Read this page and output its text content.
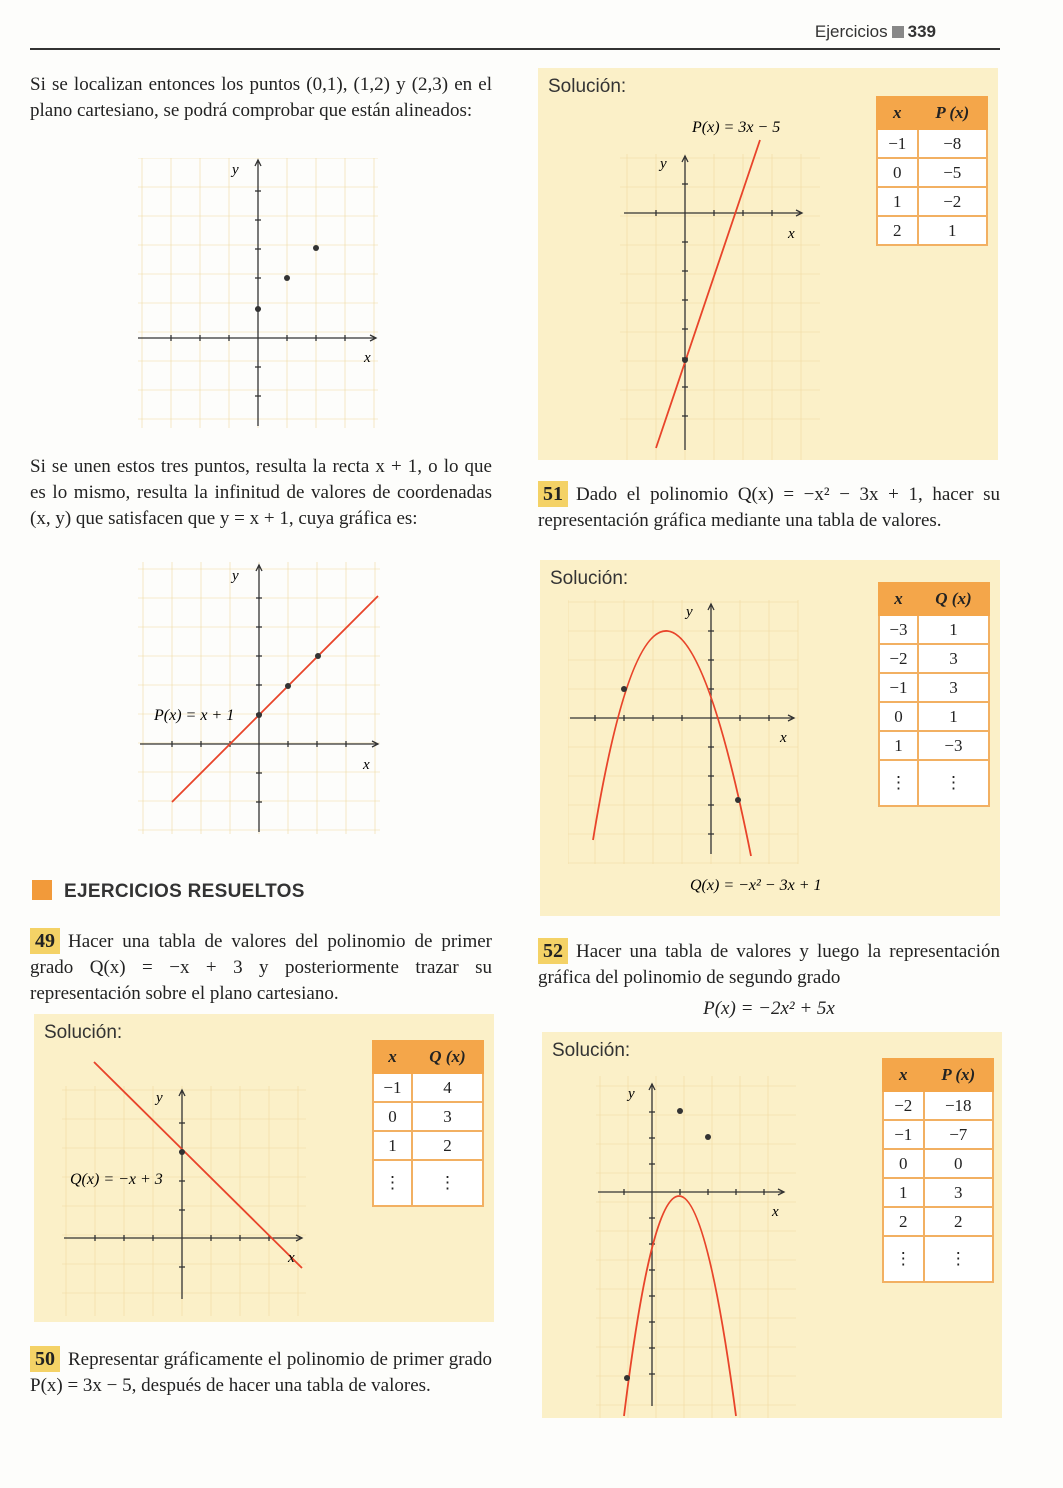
Ejercicios 339
Si se localizan entonces los puntos (0,1), (1,2) y (2,3) en el plano cartesiano, se podrá comprobar que están alineados:
y
x
Si se unen estos tres puntos, resulta la recta x + 1, o lo que es lo mismo, resulta la infinitud de valores de coordenadas (x, y) que satisfacen que y = x + 1, cuya gráfica es:
y
x
P(x) = x + 1
EJERCICIOS RESUELTOS
49 Hacer una tabla de valores del polinomio de primer grado Q(x) = −x + 3 y posteriormente trazar su representación sobre el plano cartesiano.
Solución:
y
x
Q(x) = −x + 3
x	Q (x)
−1	4
0	3
1	2
⋮	⋮
50 Representar gráficamente el polinomio de primer grado P(x) = 3x − 5, después de hacer una tabla de valores.
Solución:
y
x
P(x) = 3x − 5
x	P (x)
−1	−8
0	−5
1	−2
2	1
51 Dado el polinomio Q(x) = −x² − 3x + 1, hacer su representación gráfica mediante una tabla de valores.
Solución:
y
x
Q(x) = −x² − 3x + 1
x	Q (x)
−3	1
−2	3
−1	3
0	1
1	−3
⋮	⋮
52 Hacer una tabla de valores y luego la representación gráfica del polinomio de segundo grado
P(x) = −2x² + 5x
Solución:
y
x
x	P (x)
−2	−18
−1	−7
0	0
1	3
2	2
⋮	⋮
